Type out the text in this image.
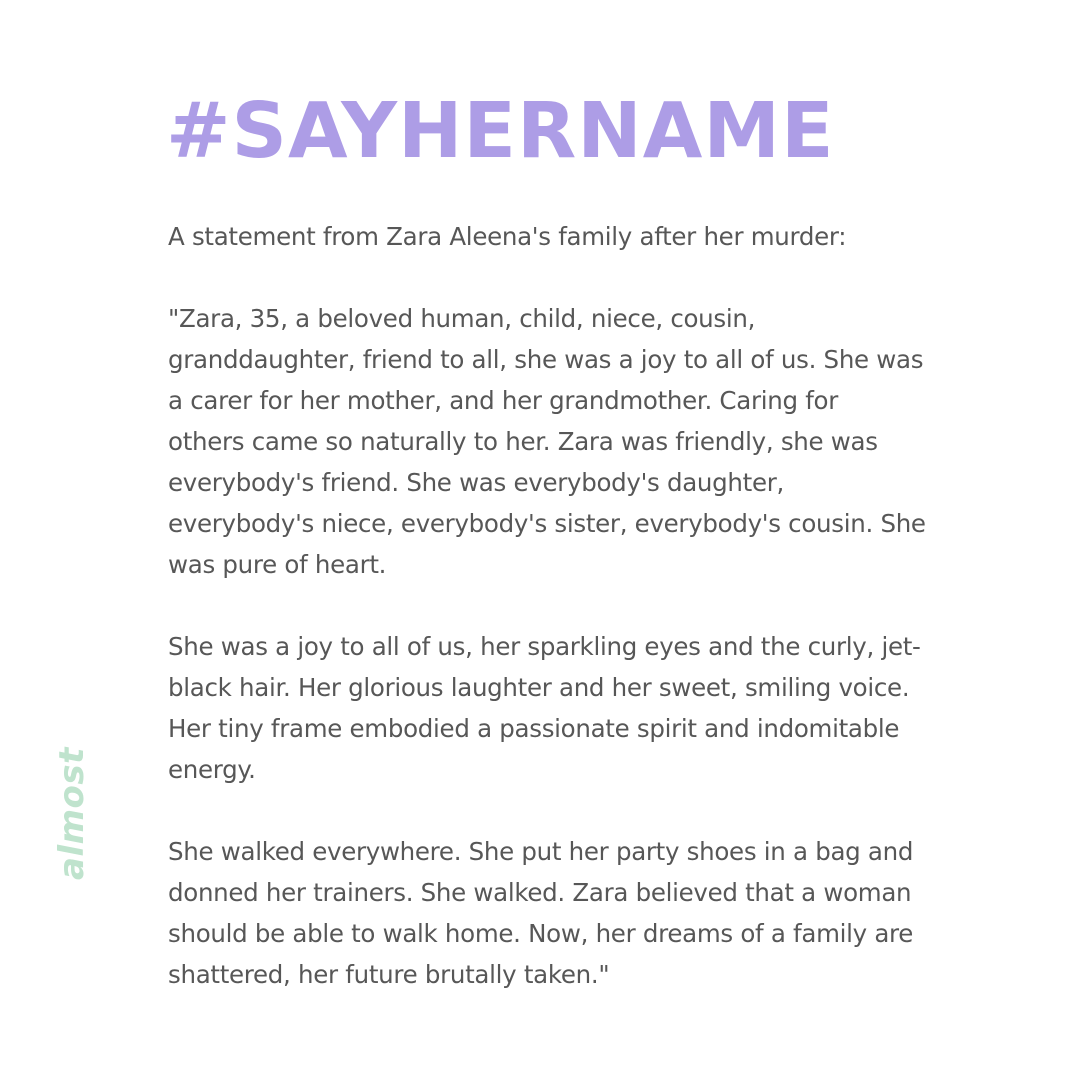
#SAYHERNAME

A statement from Zara Aleena's family after her murder:

"Zara, 35, a beloved human, child, niece, cousin,
granddaughter, friend to all, she was a joy to all of us. She was
a carer for her mother, and her grandmother. Caring for
others came so naturally to her. Zara was friendly, she was
everybody's friend. She was everybody's daughter,
everybody's niece, everybody's sister, everybody's cousin. She
was pure of heart.

She was a joy to all of us, her sparkling eyes and the curly, jet-
black hair. Her glorious laughter and her sweet, smiling voice.
Her tiny frame embodied a passionate spirit and indomitable
energy.

She walked everywhere. She put her party shoes in a bag and
donned her trainers. She walked. Zara believed that a woman
should be able to walk home. Now, her dreams of a family are
shattered, her future brutally taken."

almost
